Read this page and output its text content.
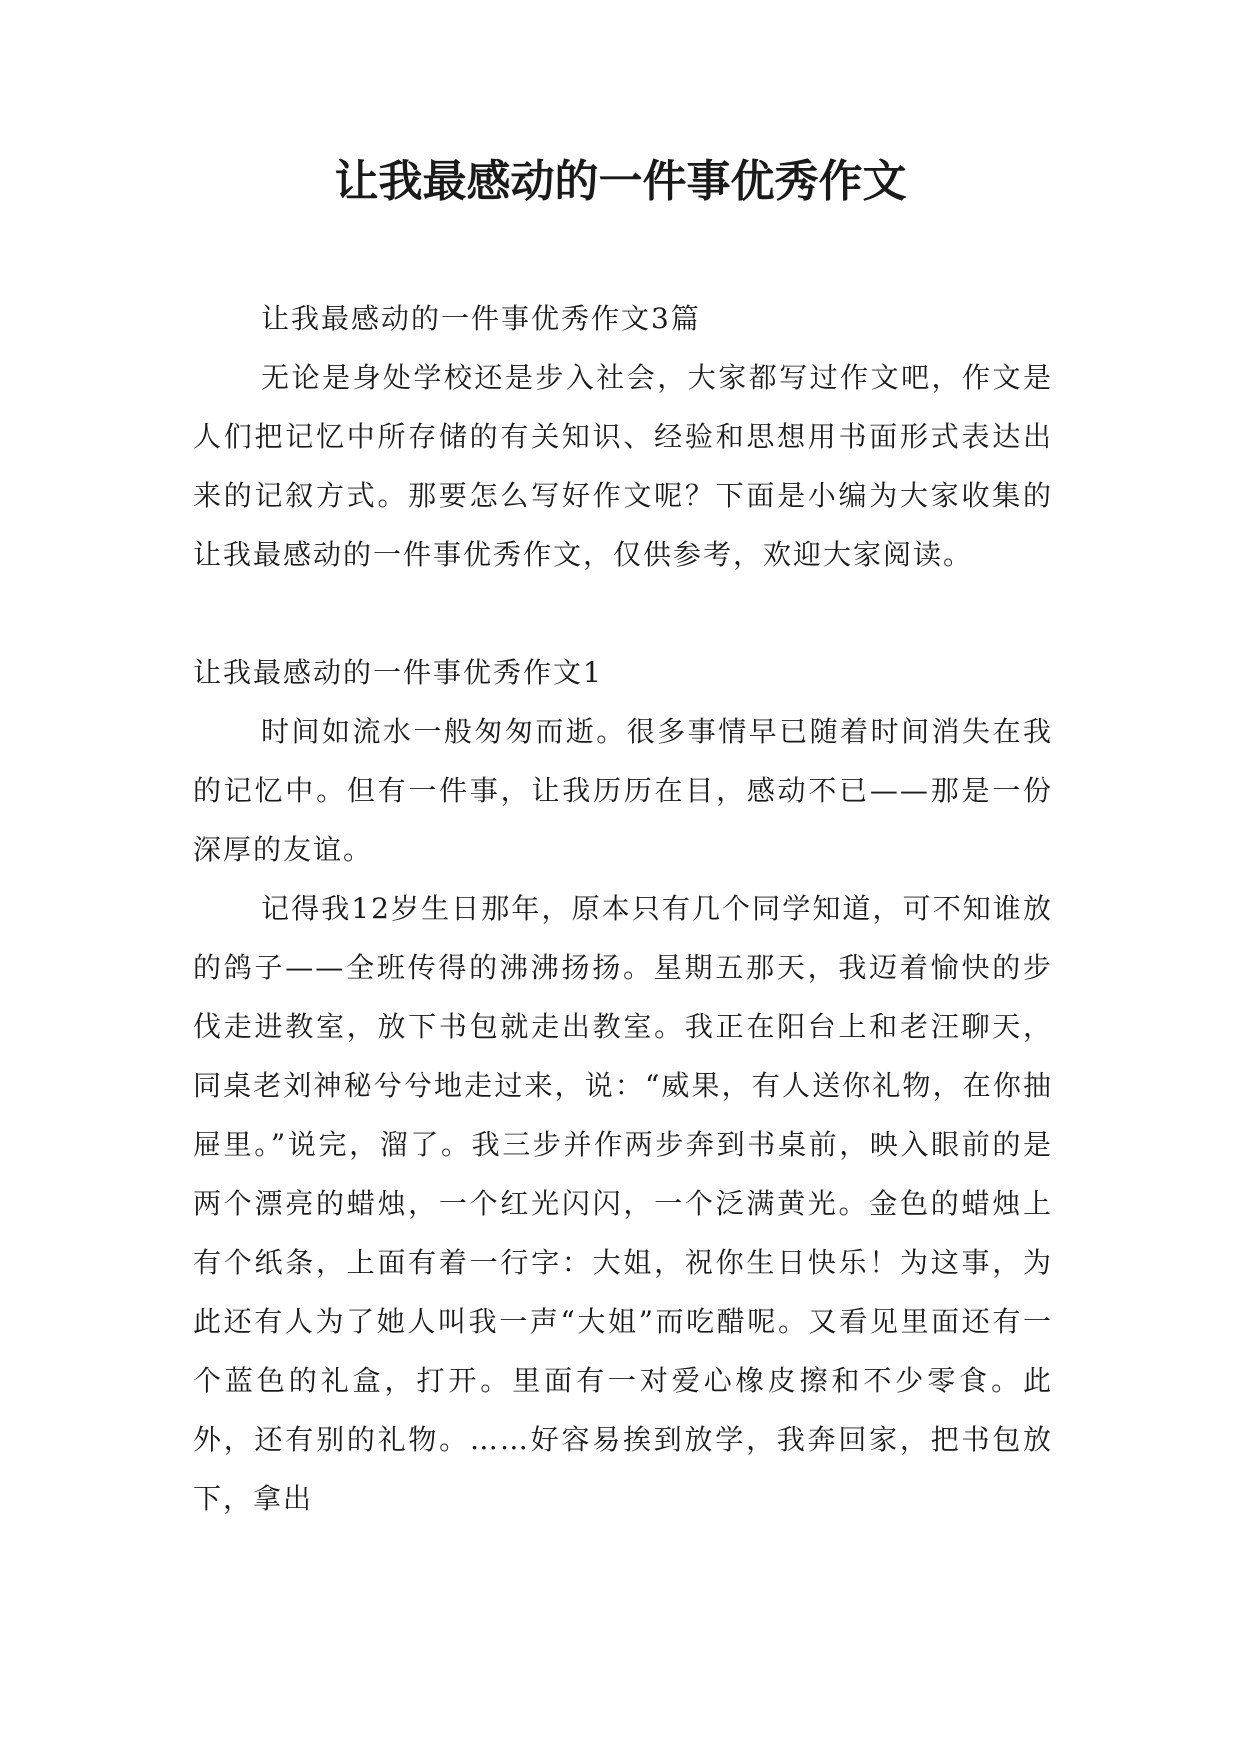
让我最感动的一件事优秀作文

让我最感动的一件事优秀作文3篇

无论是身处学校还是步入社会，大家都写过作文吧，作文是人们把记忆中所存储的有关知识、经验和思想用书面形式表达出来的记叙方式。那要怎么写好作文呢？下面是小编为大家收集的让我最感动的一件事优秀作文，仅供参考，欢迎大家阅读。

让我最感动的一件事优秀作文1

时间如流水一般匆匆而逝。很多事情早已随着时间消失在我的记忆中。但有一件事，让我历历在目，感动不已——那是一份深厚的友谊。

记得我12岁生日那年，原本只有几个同学知道，可不知谁放的鸽子——全班传得的沸沸扬扬。星期五那天，我迈着愉快的步伐走进教室，放下书包就走出教室。我正在阳台上和老汪聊天，同桌老刘神秘兮兮地走过来，说：“威果，有人送你礼物，在你抽屉里。”说完，溜了。我三步并作两步奔到书桌前，映入眼前的是两个漂亮的蜡烛，一个红光闪闪，一个泛满黄光。金色的蜡烛上有个纸条，上面有着一行字：大姐，祝你生日快乐！为这事，为此还有人为了她人叫我一声“大姐”而吃醋呢。又看见里面还有一个蓝色的礼盒，打开。里面有一对爱心橡皮擦和不少零食。此外，还有别的礼物。……好容易挨到放学，我奔回家，把书包放下，拿出
